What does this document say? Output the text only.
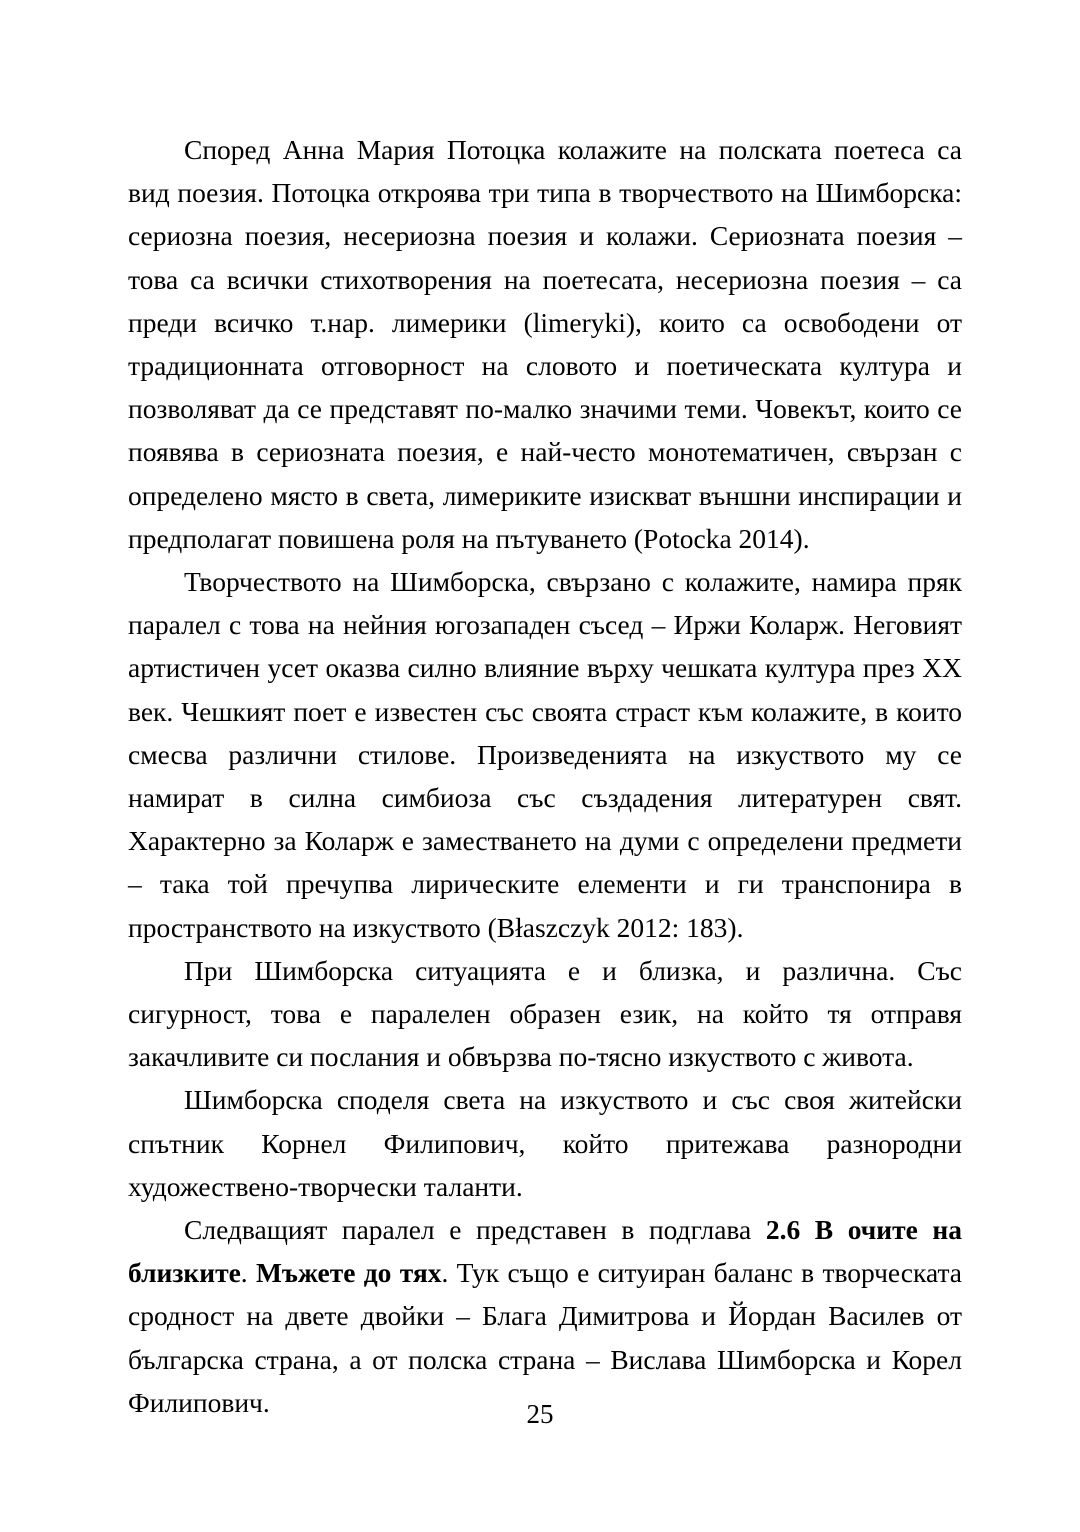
Според Анна Мария Потоцка колажите на полската поетеса са вид поезия. Потоцка откроява три типа в творчеството на Шимборска: сериозна поезия, несериозна поезия и колажи. Сериозната поезия – това са всички стихотворения на поетесата, несериозна поезия – са преди всичко т.нар. лимерики (limeryki), които са освободени от традиционната отговорност на словото и поетическата култура и позволяват да се представят по-малко значими теми. Човекът, които се появява в сериозната поезия, е най-често монотематичен, свързан с определено място в света, лимериките изискват външни инспирации и предполагат повишена роля на пътуването (Potocka 2014).

Творчеството на Шимборска, свързано с колажите, намира пряк паралел с това на нейния югозападен съсед – Иржи Коларж. Неговият артистичен усет оказва силно влияние върху чешката култура през XX век. Чешкият поет е известен със своята страст към колажите, в които смесва различни стилове. Произведенията на изкуството му се намират в силна симбиоза със създадения литературен свят. Характерно за Коларж е заместването на думи с определени предмети – така той пречупва лирическите елементи и ги транспонира в пространството на изкуството (Błaszczyk 2012: 183).

При Шимборска ситуацията е и близка, и различна. Със сигурност, това е паралелен образен език, на който тя отправя закачливите си послания и обвързва по-тясно изкуството с живота.

Шимборска споделя света на изкуството и със своя житейски спътник Корнел Филипович, който притежава разнородни художествено-творчески таланти.

Следващият паралел е представен в подглава 2.6 В очите на близките. Мъжете до тях. Тук също е ситуиран баланс в творческата сродност на двете двойки – Блага Димитрова и Йордан Василев от българска страна, а от полска страна – Вислава Шимборска и Корел Филипович.	25
